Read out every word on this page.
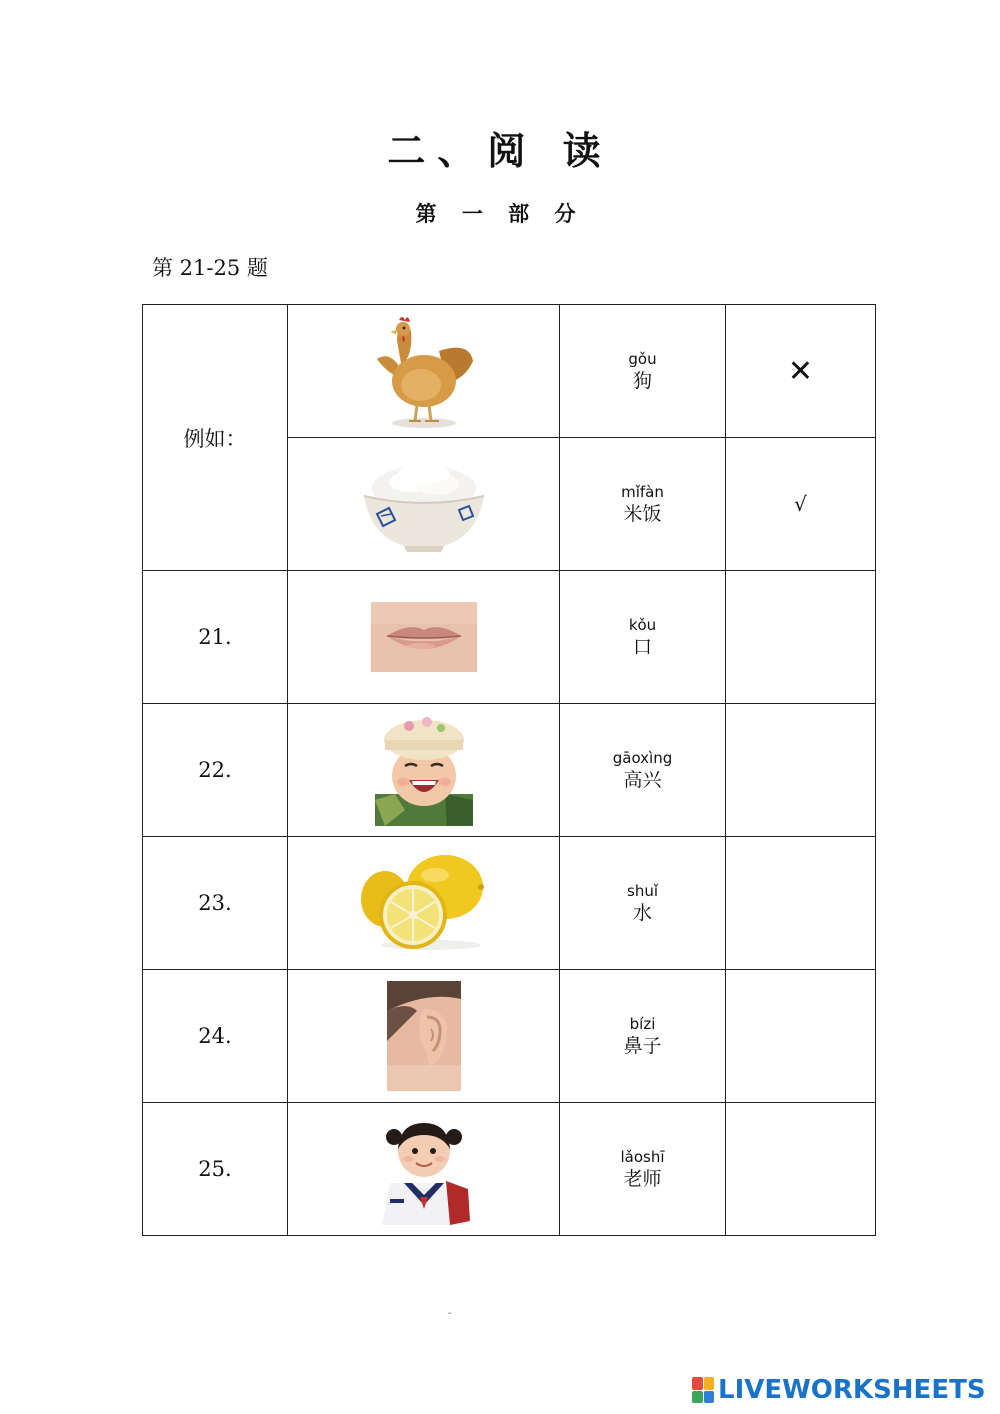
二、阅 读
第 一 部 分
第 21-25 题
例如：		gǒu
狗	✕

mǐfàn
米饭	√
21.		kǒu
口	

22.		gāoxìng
高兴	

23.		shuǐ
水	

24.		bízi
鼻子	

25.		lǎoshī
老师	

-
LIVEWORKSHEETS
